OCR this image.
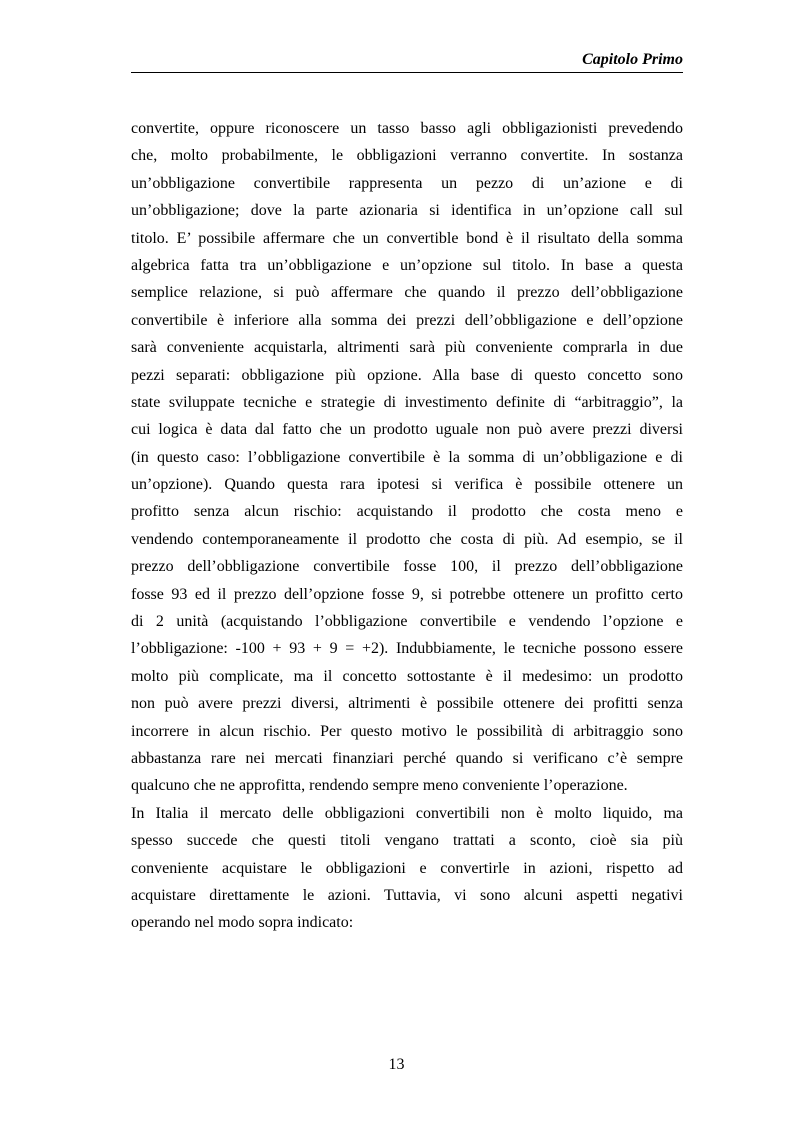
Capitolo Primo
convertite, oppure riconoscere un tasso basso agli obbligazionisti prevedendo
che, molto probabilmente, le obbligazioni verranno convertite. In sostanza
un’obbligazione convertibile rappresenta un pezzo di un’azione e di
un’obbligazione; dove la parte azionaria si identifica in un’opzione call sul
titolo. E’ possibile affermare che un convertible bond è il risultato della somma
algebrica fatta tra un’obbligazione e un’opzione sul titolo. In base a questa
semplice relazione, si può affermare che quando il prezzo dell’obbligazione
convertibile è inferiore alla somma dei prezzi dell’obbligazione e dell’opzione
sarà conveniente acquistarla, altrimenti sarà più conveniente comprarla in due
pezzi separati: obbligazione più opzione. Alla base di questo concetto sono
state sviluppate tecniche e strategie di investimento definite di “arbitraggio”, la
cui logica è data dal fatto che un prodotto uguale non può avere prezzi diversi
(in questo caso: l’obbligazione convertibile è la somma di un’obbligazione e di
un’opzione). Quando questa rara ipotesi si verifica è possibile ottenere un
profitto senza alcun rischio: acquistando il prodotto che costa meno e
vendendo contemporaneamente il prodotto che costa di più. Ad esempio, se il
prezzo dell’obbligazione convertibile fosse 100, il prezzo dell’obbligazione
fosse 93 ed il prezzo dell’opzione fosse 9, si potrebbe ottenere un profitto certo
di 2 unità (acquistando l’obbligazione convertibile e vendendo l’opzione e
l’obbligazione: -100 + 93 + 9 = +2). Indubbiamente, le tecniche possono essere
molto più complicate, ma il concetto sottostante è il medesimo: un prodotto
non può avere prezzi diversi, altrimenti è possibile ottenere dei profitti senza
incorrere in alcun rischio. Per questo motivo le possibilità di arbitraggio sono
abbastanza rare nei mercati finanziari perché quando si verificano c’è sempre
qualcuno che ne approfitta, rendendo sempre meno conveniente l’operazione.
In Italia il mercato delle obbligazioni convertibili non è molto liquido, ma
spesso succede che questi titoli vengano trattati a sconto, cioè sia più
conveniente acquistare le obbligazioni e convertirle in azioni, rispetto ad
acquistare direttamente le azioni. Tuttavia, vi sono alcuni aspetti negativi
operando nel modo sopra indicato:
13
